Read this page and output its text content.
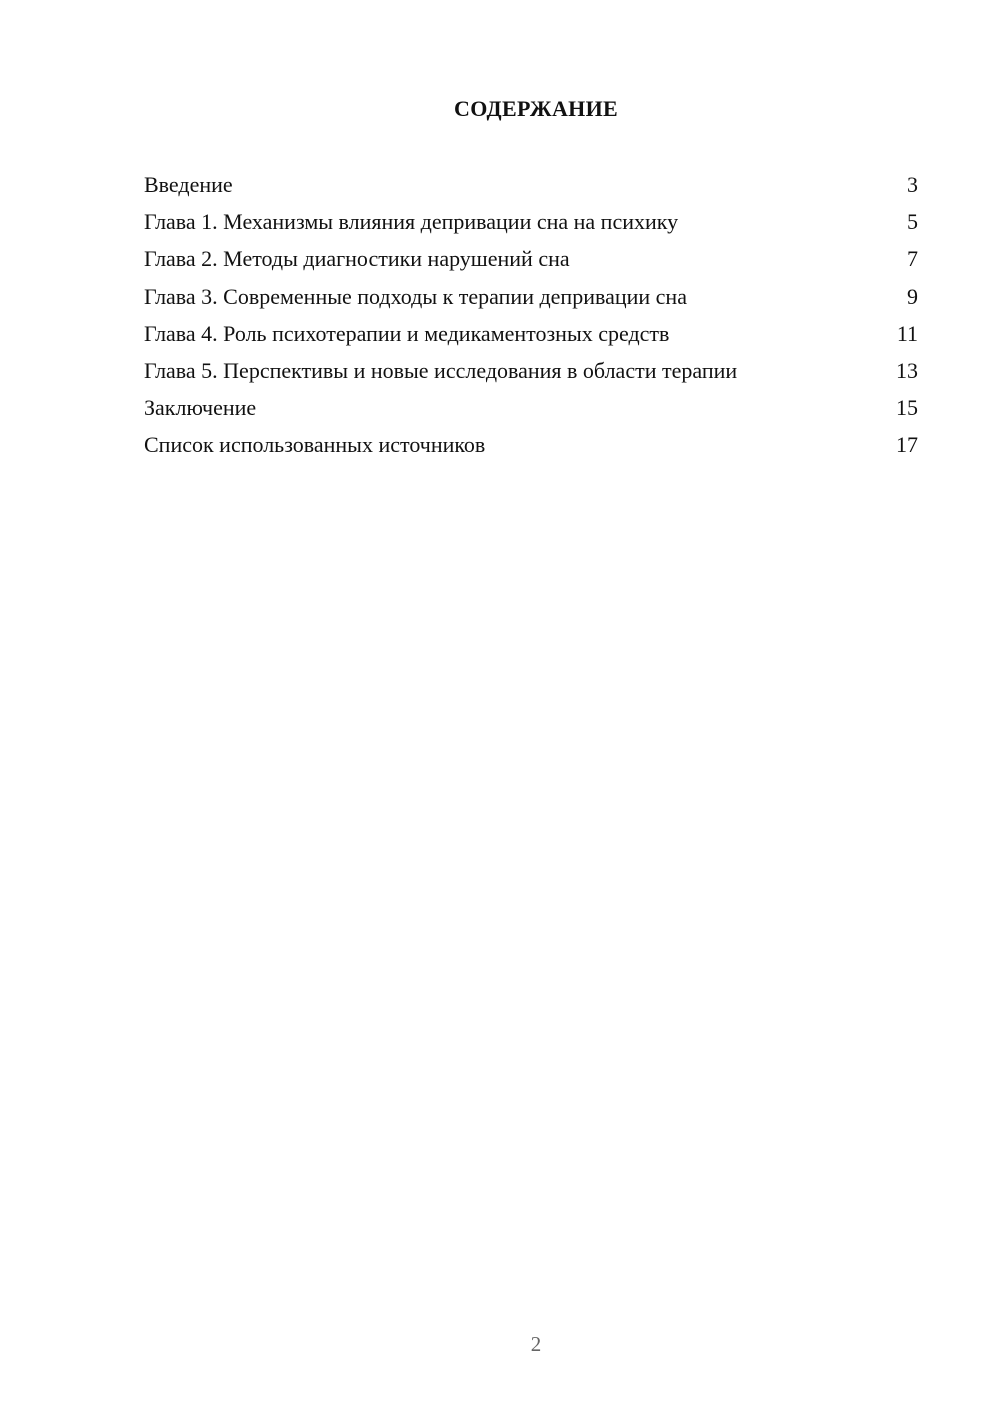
СОДЕРЖАНИЕ
Введение	3
Глава 1. Механизмы влияния депривации сна на психику	5
Глава 2. Методы диагностики нарушений сна	7
Глава 3. Современные подходы к терапии депривации сна	9
Глава 4. Роль психотерапии и медикаментозных средств	11
Глава 5. Перспективы и новые исследования в области терапии	13
Заключение	15
Список использованных источников	17
2
